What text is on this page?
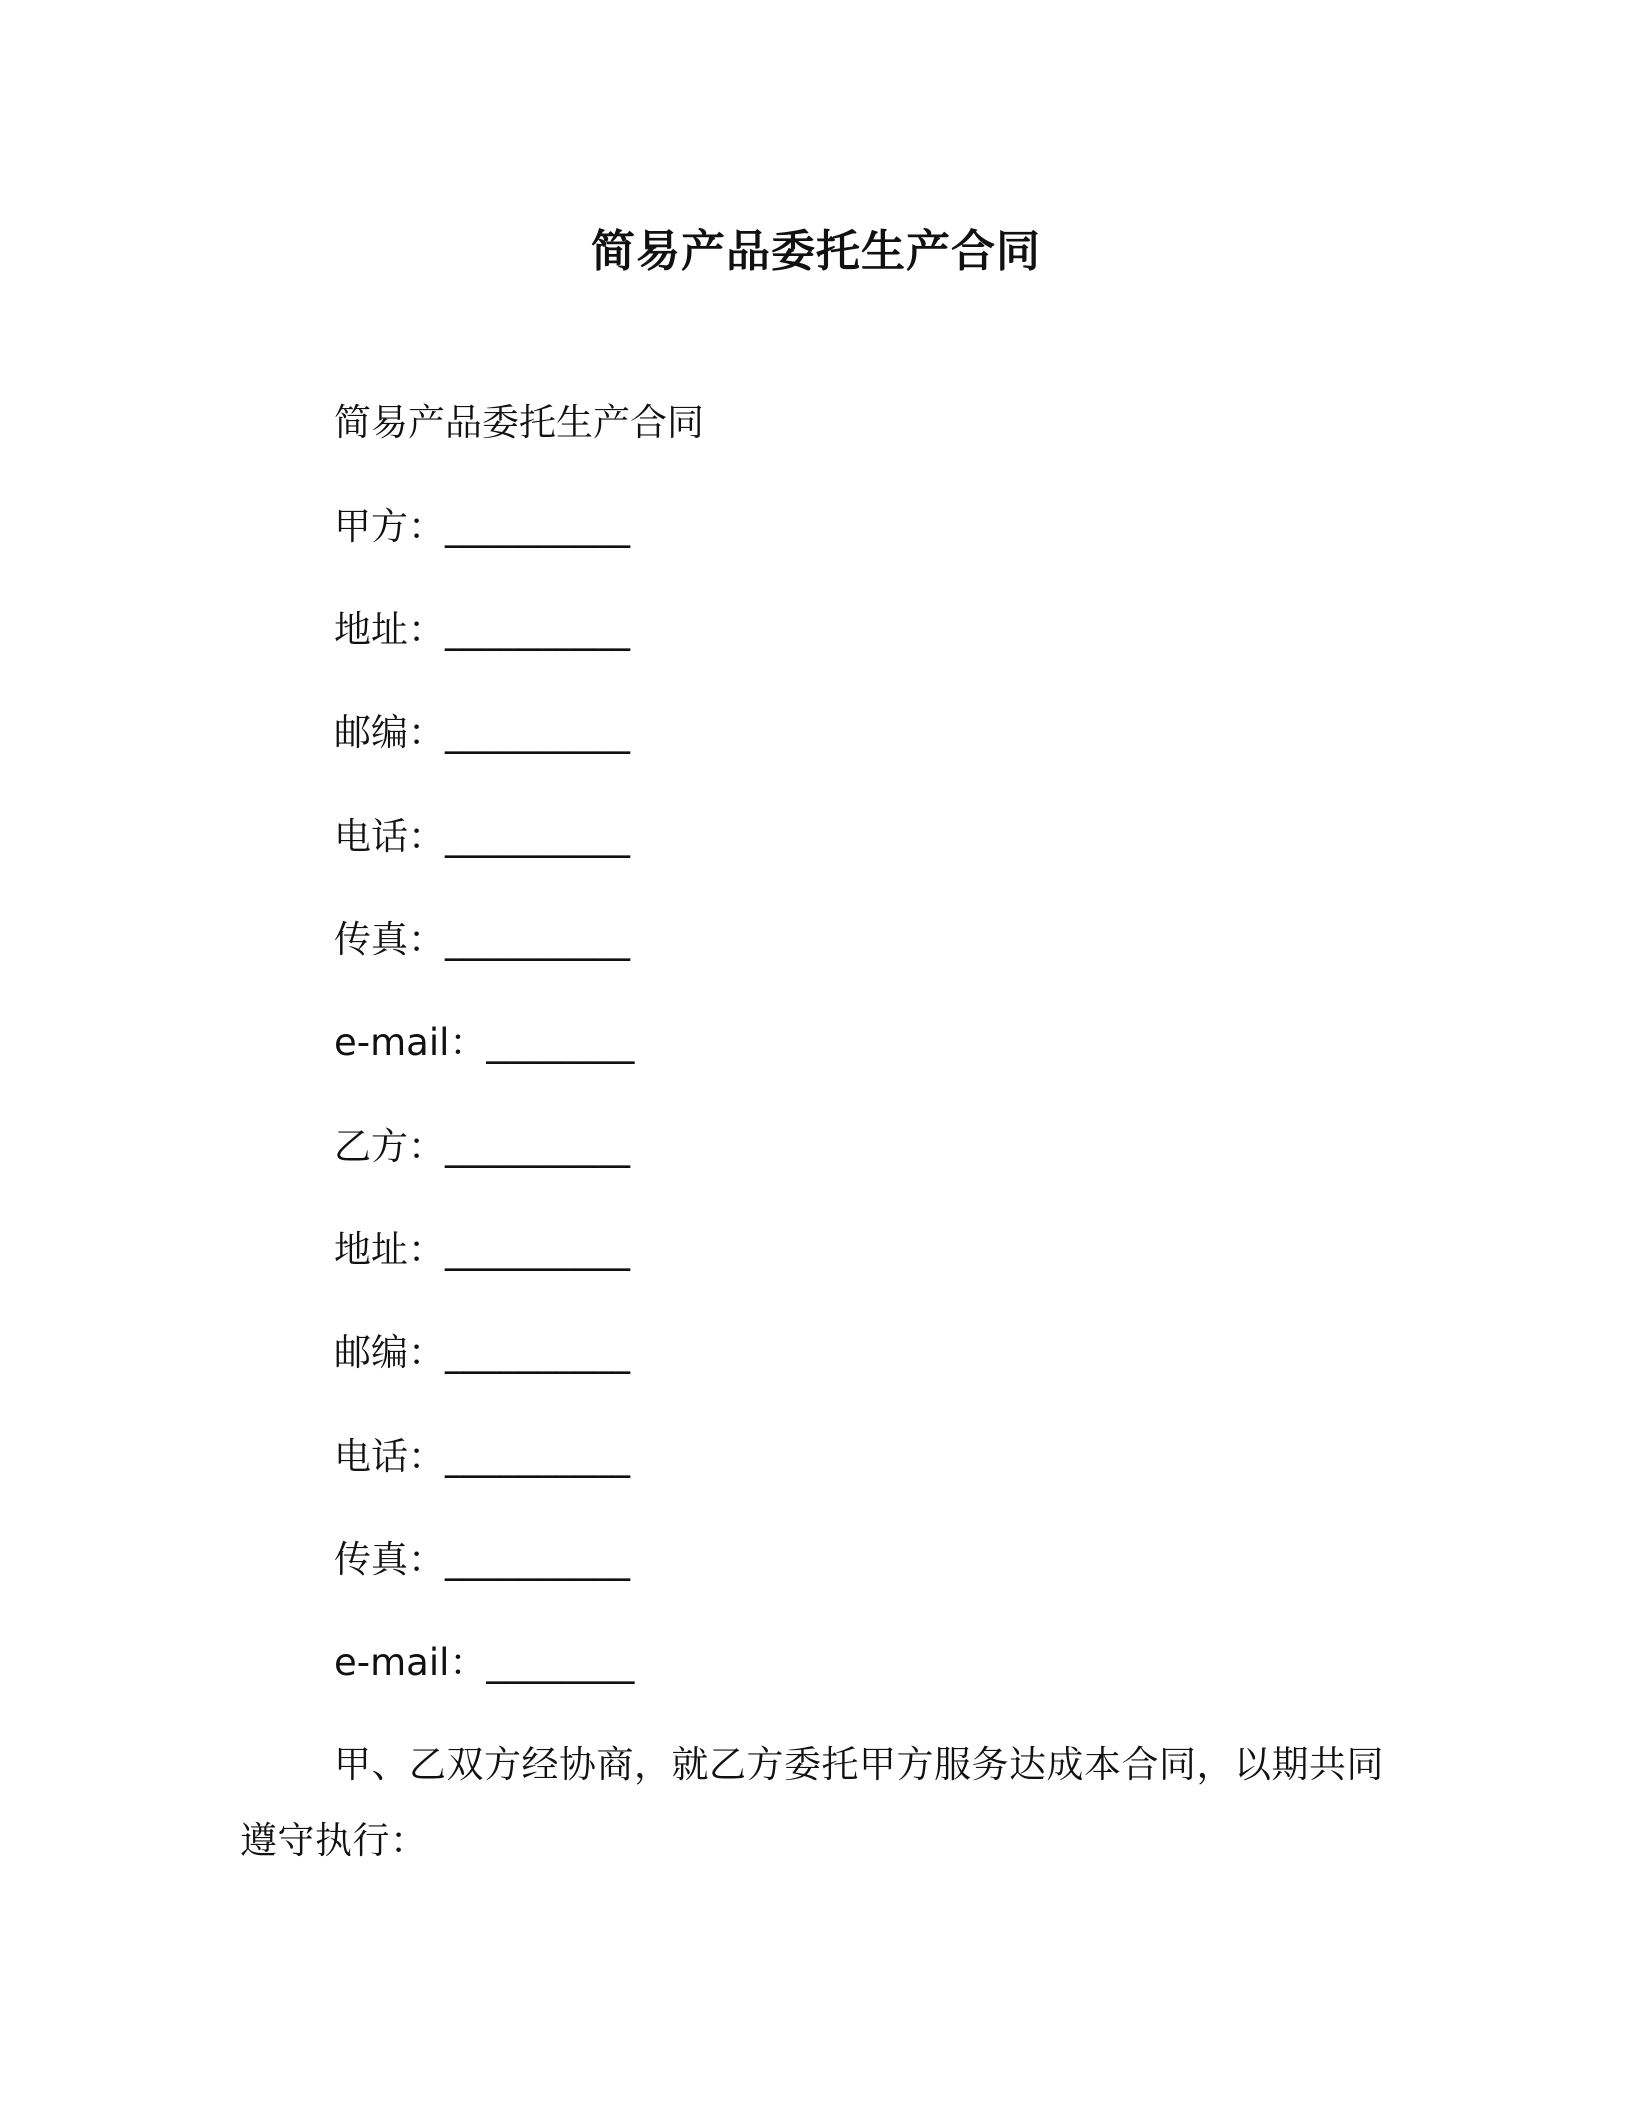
简易产品委托生产合同
简易产品委托生产合同
甲方：__________
地址：__________
邮编：__________
电话：__________
传真：__________
e-mail：________
乙方：__________
地址：__________
邮编：__________
电话：__________
传真：__________
e-mail：________
甲、乙双方经协商，就乙方委托甲方服务达成本合同，以期共同遵守执行：
